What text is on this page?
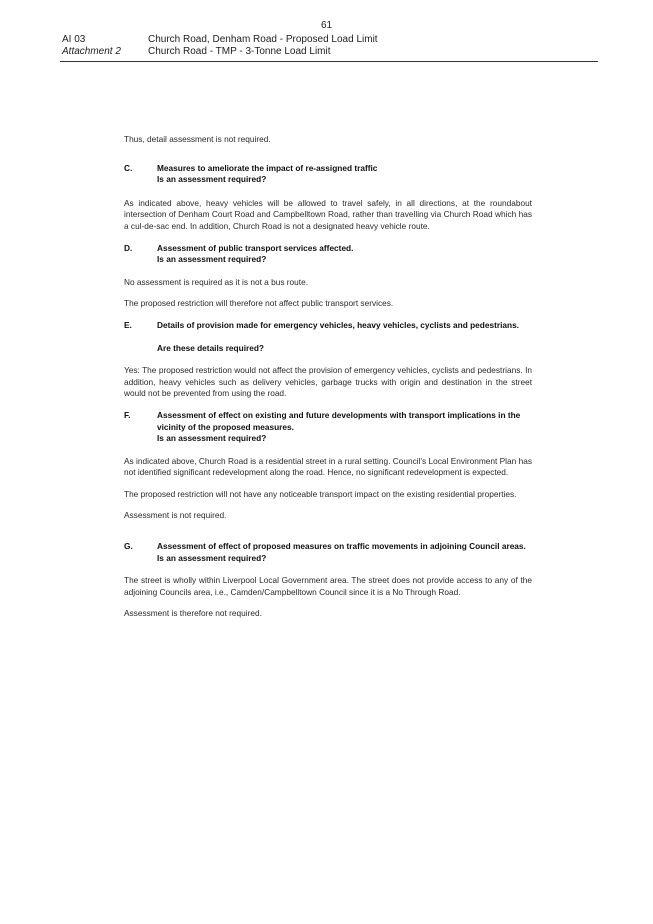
61
AI 03	Church Road, Denham Road - Proposed Load Limit
Attachment 2	Church Road - TMP - 3-Tonne Load Limit

Thus, detail assessment is not required.

C.	Measures to ameliorate the impact of re-assigned traffic
Is an assessment required?

As indicated above, heavy vehicles will be allowed to travel safely, in all directions, at the roundabout intersection of Denham Court Road and Campbelltown Road, rather than travelling via Church Road which has a cul-de-sac end. In addition, Church Road is not a designated heavy vehicle route.

D.	Assessment of public transport services affected.
Is an assessment required?

No assessment is required as it is not a bus route.

The proposed restriction will therefore not affect public transport services.

E.	Details of provision made for emergency vehicles, heavy vehicles, cyclists and pedestrians.
Are these details required?

Yes: The proposed restriction would not affect the provision of emergency vehicles, cyclists and pedestrians. In addition, heavy vehicles such as delivery vehicles, garbage trucks with origin and destination in the street would not be prevented from using the road.

F.	Assessment of effect on existing and future developments with transport implications in the vicinity of the proposed measures.
Is an assessment required?

As indicated above, Church Road is a residential street in a rural setting. Council's Local Environment Plan has not identified significant redevelopment along the road. Hence, no significant redevelopment is expected.

The proposed restriction will not have any noticeable transport impact on the existing residential properties.

Assessment is not required.

G.	Assessment of effect of proposed measures on traffic movements in adjoining Council areas.
Is an assessment required?

The street is wholly within Liverpool Local Government area. The street does not provide access to any of the adjoining Councils area, i.e., Camden/Campbelltown Council since it is a No Through Road.

Assessment is therefore not required.
